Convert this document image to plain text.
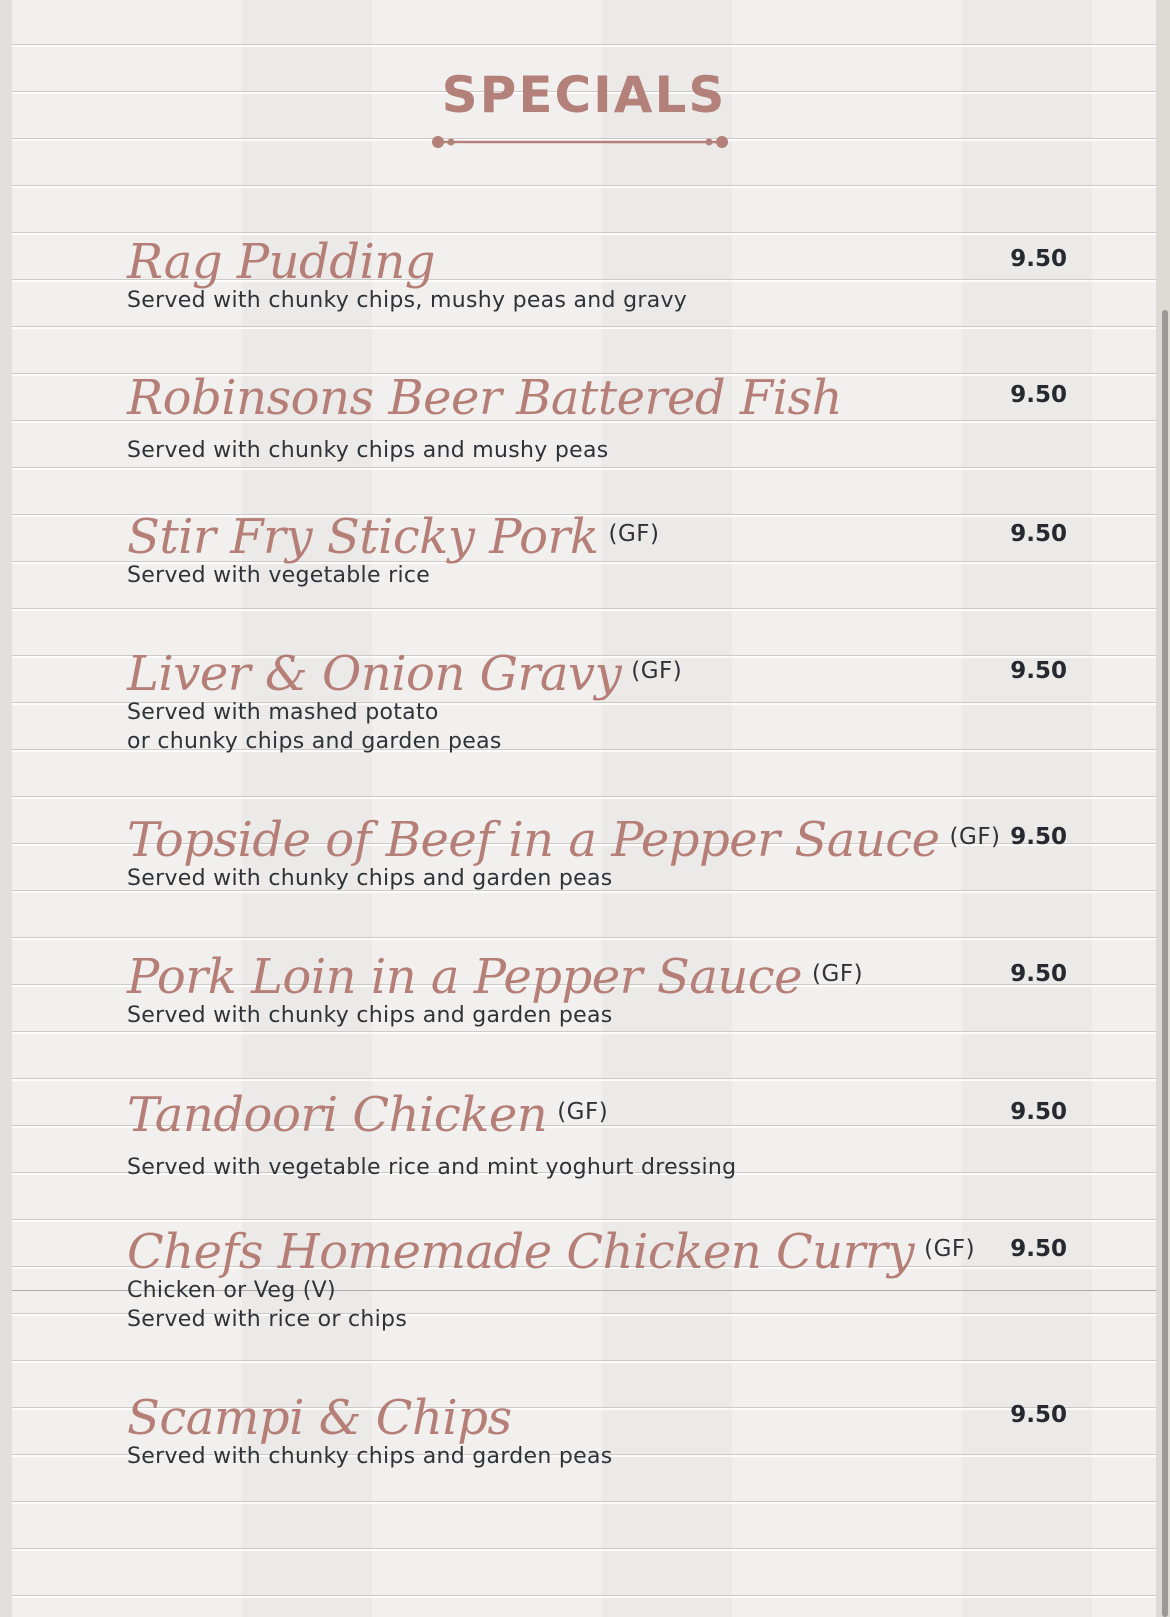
SPECIALS
Rag Pudding	9.50

Served with chunky chips, mushy peas and gravy

Robinsons Beer Battered Fish	9.50

Served with chunky chips and mushy peas

Stir Fry Sticky Pork $^{(GF)}$	9.50

Served with vegetable rice

Liver & Onion Gravy $^{(GF)}$	9.50

Served with mashed potato
or chunky chips and garden peas

Topside of Beef in a Pepper Sauce $^{(GF)}$ 9.50

Served with chunky chips and garden peas

Pork Loin in a Pepper Sauce $^{(GF)}$	9.50

Served with chunky chips and garden peas

Tandoori Chicken $^{(GF)}$	9.50

Served with vegetable rice and mint yoghurt dressing

Chefs Homemade Chicken Curry $^{(GF)}$ 9.50

Chicken or Veg (V)
Served with rice or chips

Scampi & Chips	9.50

Served with chunky chips and garden peas
